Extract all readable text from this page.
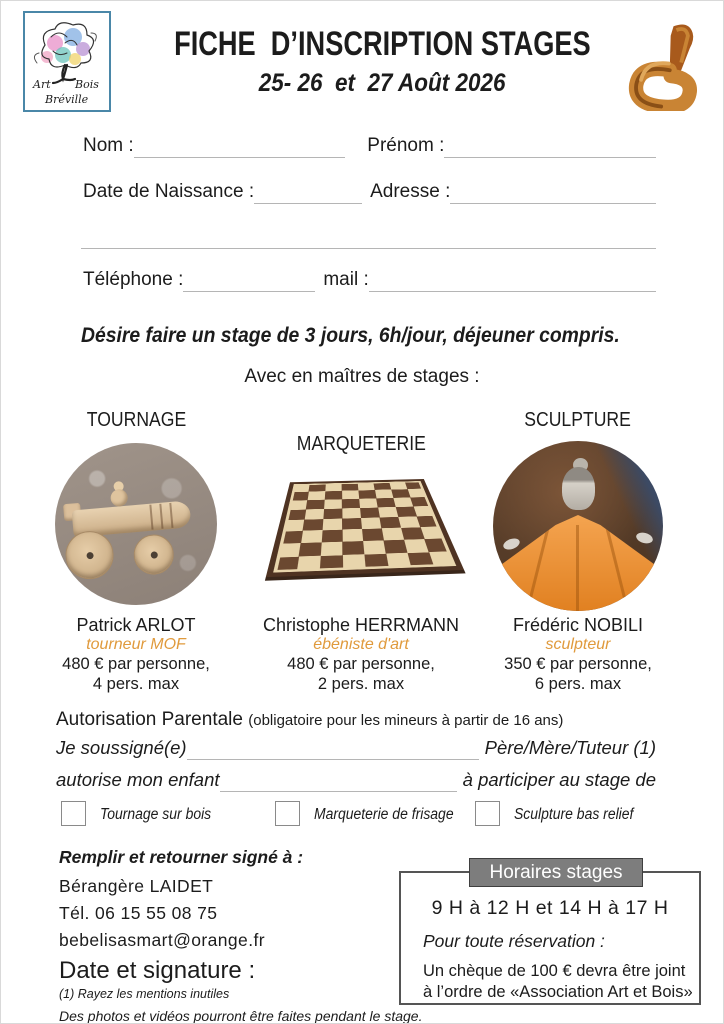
Art Bois
Bréville
FICHE  D’INSCRIPTION STAGES
25- 26  et  27 Août 2026
Nom :	Prénom :
Date de Naissance :	Adresse :
Téléphone :	mail :
Désire faire un stage de 3 jours, 6h/jour, déjeuner compris.
Avec en maîtres de stages :
TOURNAGE
MARQUETERIE
SCULPTURE
Patrick ARLOT
tourneur MOF
480 € par personne,
4 pers. max
Christophe HERRMANN
ébéniste d'art
480 € par personne,
2 pers. max
Frédéric NOBILI
sculpteur
350 € par personne,
6 pers. max
Autorisation Parentale (obligatoire pour les mineurs à partir de 16 ans)
Je soussigné(e)	Père/Mère/Tuteur (1)
autorise mon enfant	à participer au stage de
Tournage sur bois	Marqueterie de frisage	Sculpture bas relief
Remplir et retourner signé à :
Bérangère LAIDET
Tél. 06 15 55 08 75
bebelisasmart@orange.fr
Date et signature :
(1) Rayez les mentions inutiles
Des photos et vidéos pourront être faites pendant le stage.
Horaires stages
9 H à 12 H et 14 H à 17 H
Pour toute réservation :
Un chèque de 100 € devra être joint
à l’ordre de «Association Art et Bois»
